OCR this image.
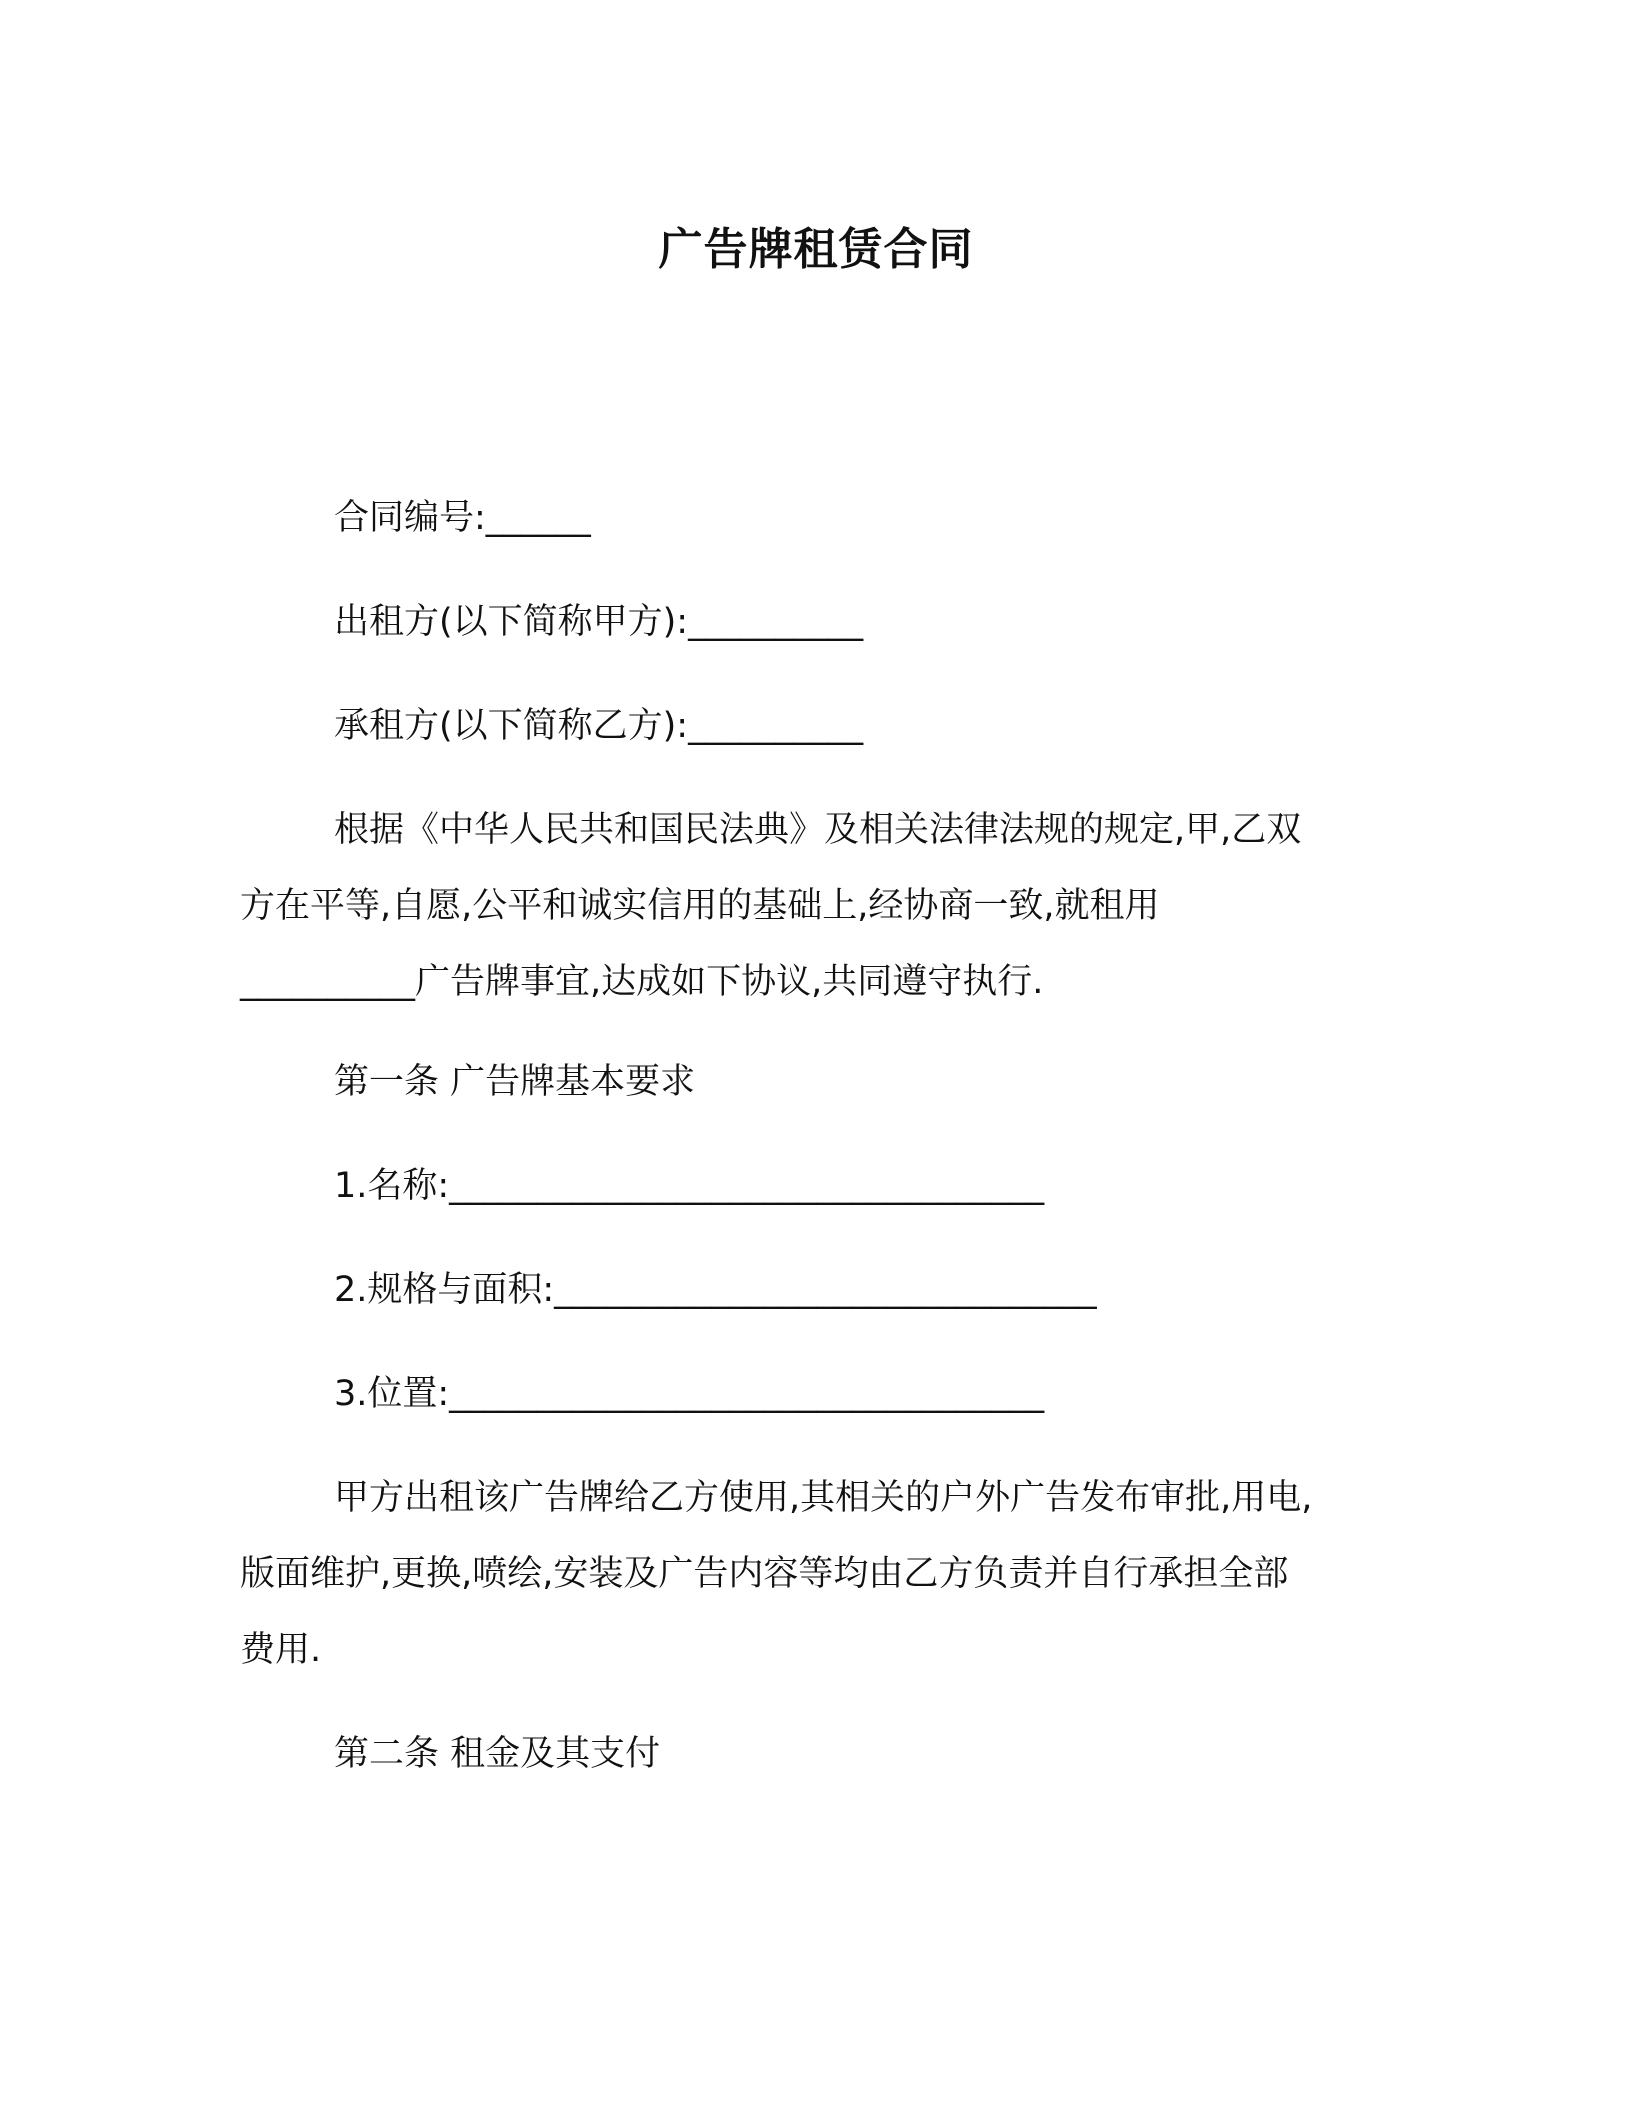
广告牌租赁合同
合同编号:______
出租方(以下简称甲方):__________
承租方(以下简称乙方):__________
根据《中华人民共和国民法典》及相关法律法规的规定,甲,乙双
方在平等,自愿,公平和诚实信用的基础上,经协商一致,就租用
__________广告牌事宜,达成如下协议,共同遵守执行.
第一条 广告牌基本要求
1.名称:__________________________________
2.规格与面积:_______________________________
3.位置:__________________________________
甲方出租该广告牌给乙方使用,其相关的户外广告发布审批,用电,
版面维护,更换,喷绘,安装及广告内容等均由乙方负责并自行承担全部
费用.
第二条 租金及其支付
